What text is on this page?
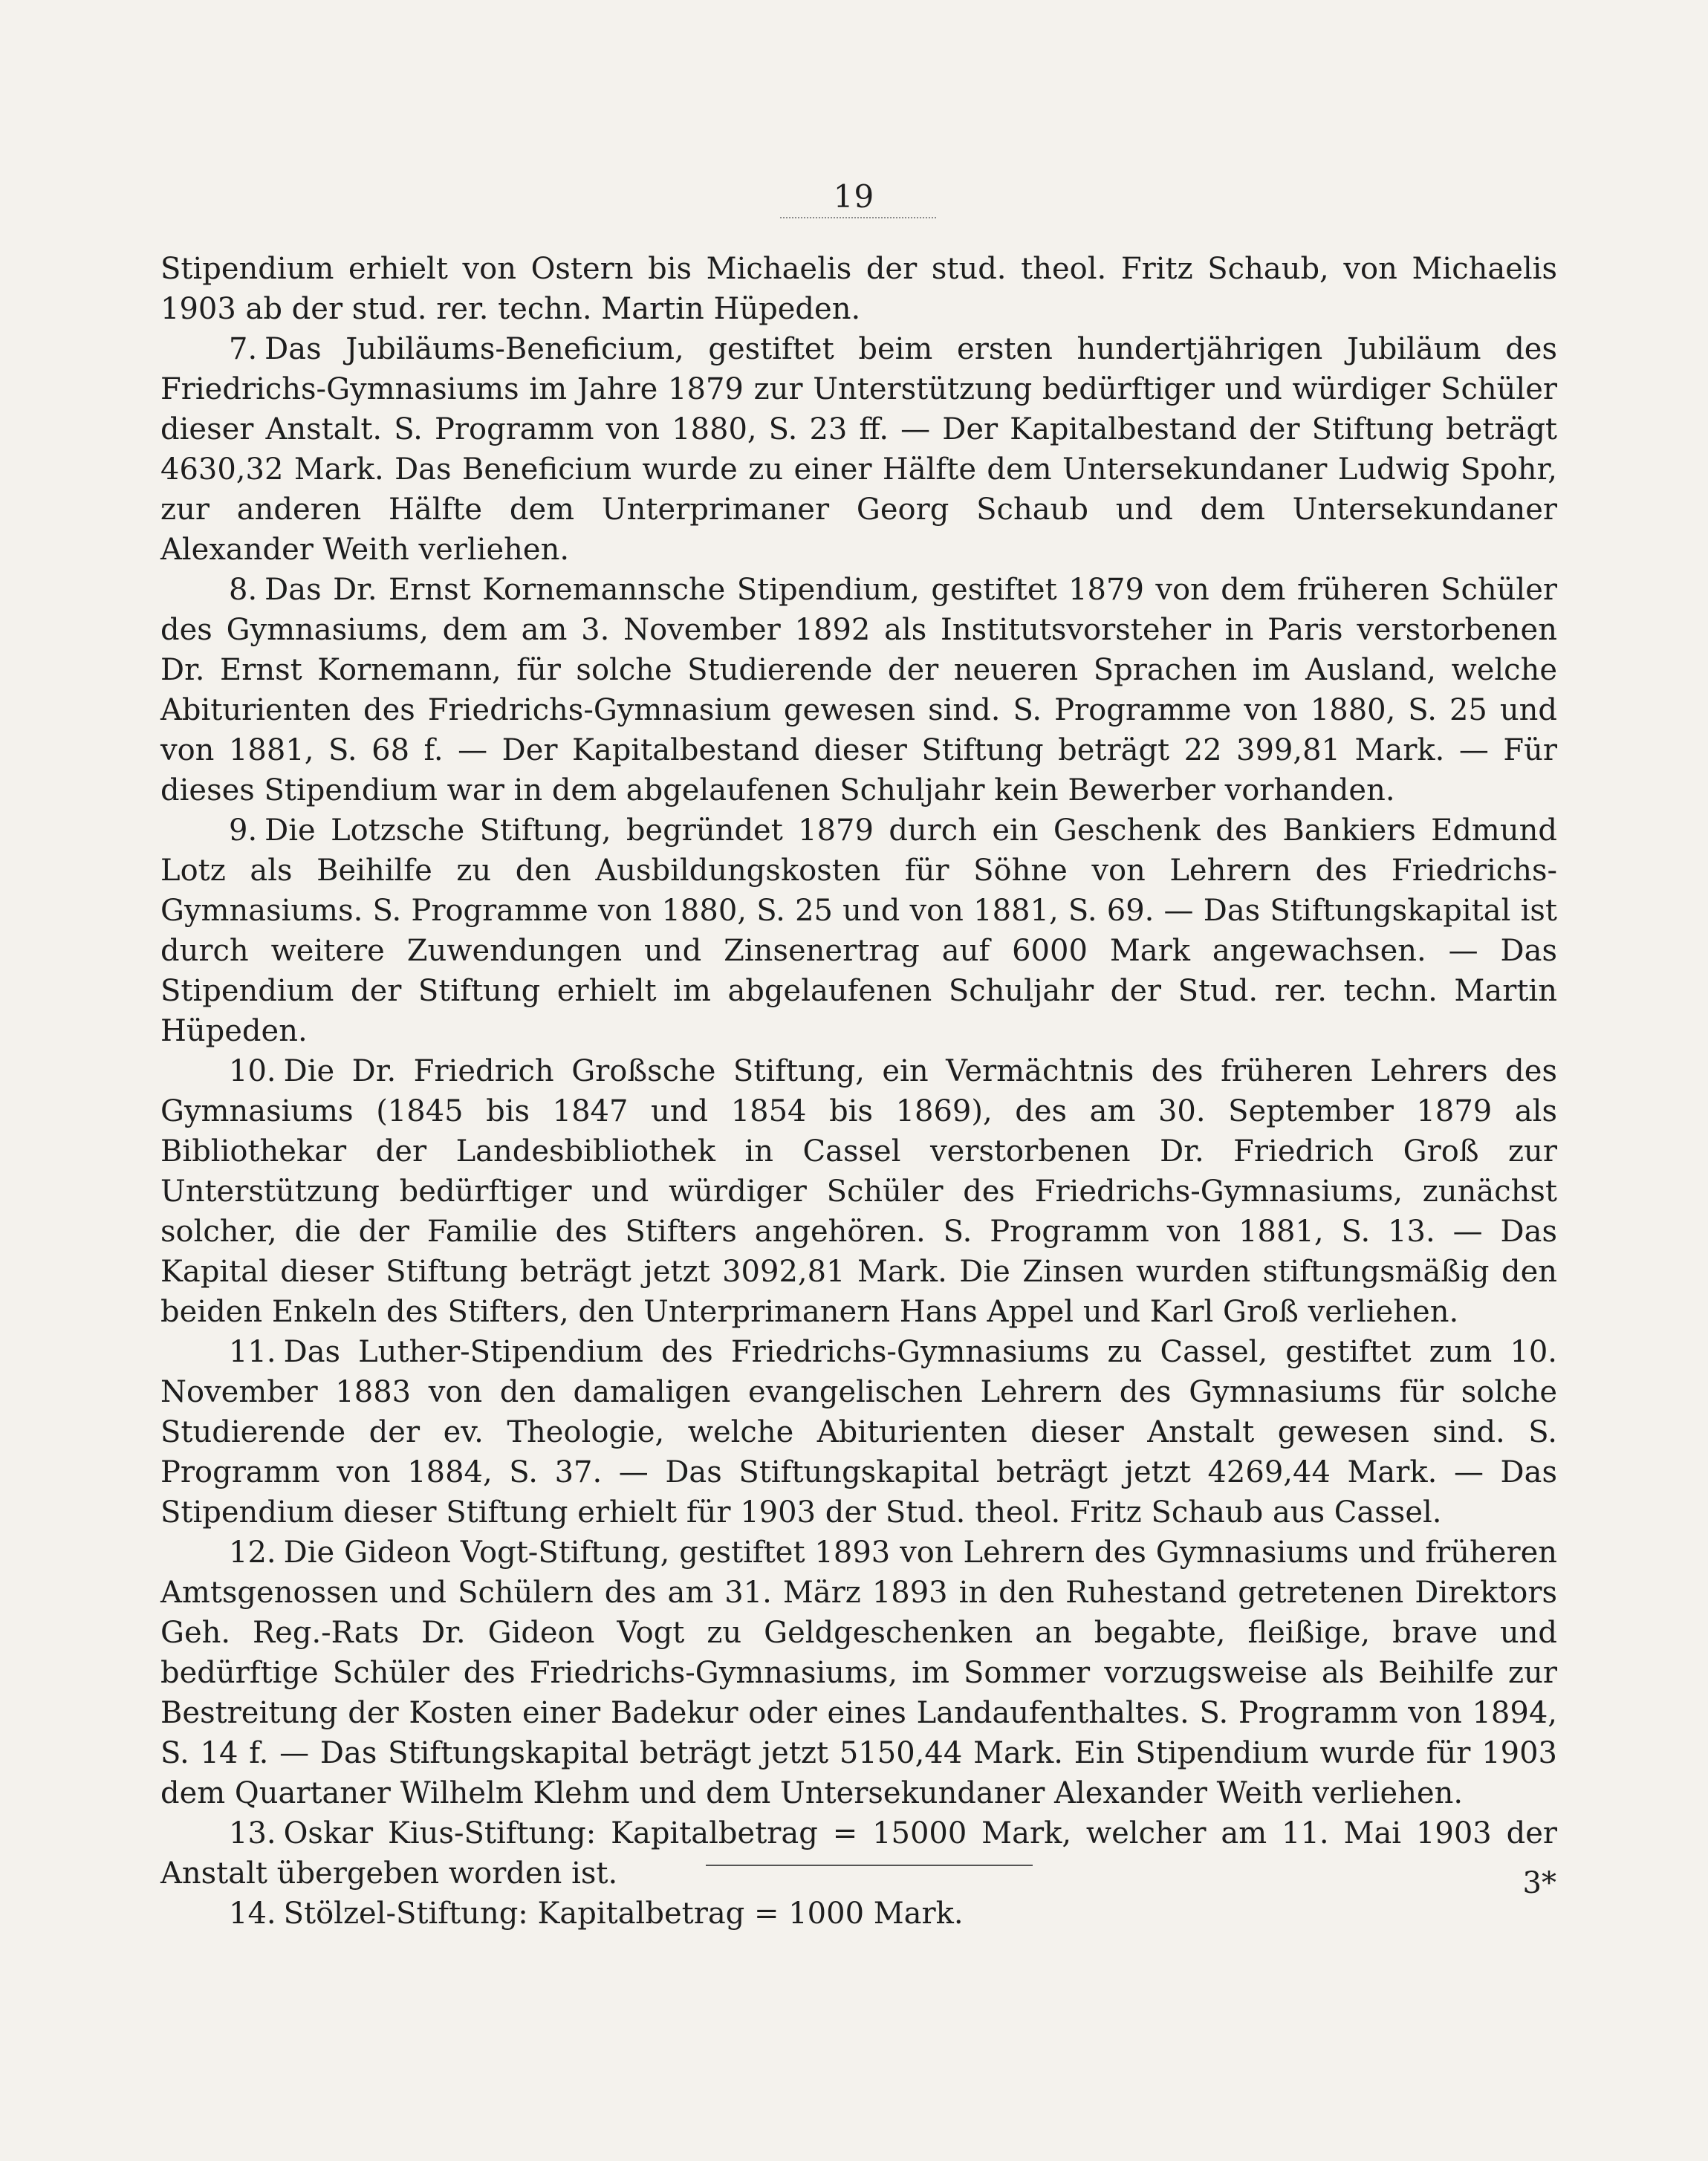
19

Stipendium erhielt von Ostern bis Michaelis der stud. theol. Fritz Schaub, von Michaelis 1903 ab der stud. rer. techn. Martin Hüpeden.

7. Das Jubiläums-Beneficium, gestiftet beim ersten hundertjährigen Jubiläum des Friedrichs-Gymnasiums im Jahre 1879 zur Unterstützung bedürftiger und würdiger Schüler dieser Anstalt. S. Programm von 1880, S. 23 ff. — Der Kapitalbestand der Stiftung beträgt 4630,32 Mark. Das Beneficium wurde zu einer Hälfte dem Untersekundaner Ludwig Spohr, zur anderen Hälfte dem Unterprimaner Georg Schaub und dem Untersekundaner Alexander Weith verliehen.

8. Das Dr. Ernst Kornemannsche Stipendium, gestiftet 1879 von dem früheren Schüler des Gymnasiums, dem am 3. November 1892 als Institutsvorsteher in Paris verstorbenen Dr. Ernst Kornemann, für solche Studierende der neueren Sprachen im Ausland, welche Abiturienten des Friedrichs-Gymnasium gewesen sind. S. Programme von 1880, S. 25 und von 1881, S. 68 f. — Der Kapitalbestand dieser Stiftung beträgt 22 399,81 Mark. — Für dieses Stipendium war in dem abgelaufenen Schuljahr kein Bewerber vorhanden.

9. Die Lotzsche Stiftung, begründet 1879 durch ein Geschenk des Bankiers Edmund Lotz als Beihilfe zu den Ausbildungskosten für Söhne von Lehrern des Friedrichs-Gymnasiums. S. Programme von 1880, S. 25 und von 1881, S. 69. — Das Stiftungskapital ist durch weitere Zuwendungen und Zinsenertrag auf 6000 Mark angewachsen. — Das Stipendium der Stiftung erhielt im abgelaufenen Schuljahr der Stud. rer. techn. Martin Hüpeden.

10. Die Dr. Friedrich Großsche Stiftung, ein Vermächtnis des früheren Lehrers des Gymnasiums (1845 bis 1847 und 1854 bis 1869), des am 30. September 1879 als Bibliothekar der Landesbibliothek in Cassel verstorbenen Dr. Friedrich Groß zur Unterstützung bedürftiger und würdiger Schüler des Friedrichs-Gymnasiums, zunächst solcher, die der Familie des Stifters angehören. S. Programm von 1881, S. 13. — Das Kapital dieser Stiftung beträgt jetzt 3092,81 Mark. Die Zinsen wurden stiftungsmäßig den beiden Enkeln des Stifters, den Unterprimanern Hans Appel und Karl Groß verliehen.

11. Das Luther-Stipendium des Friedrichs-Gymnasiums zu Cassel, gestiftet zum 10. November 1883 von den damaligen evangelischen Lehrern des Gymnasiums für solche Studierende der ev. Theologie, welche Abiturienten dieser Anstalt gewesen sind. S. Programm von 1884, S. 37. — Das Stiftungskapital beträgt jetzt 4269,44 Mark. — Das Stipendium dieser Stiftung erhielt für 1903 der Stud. theol. Fritz Schaub aus Cassel.

12. Die Gideon Vogt-Stiftung, gestiftet 1893 von Lehrern des Gymnasiums und früheren Amtsgenossen und Schülern des am 31. März 1893 in den Ruhestand getretenen Direktors Geh. Reg.-Rats Dr. Gideon Vogt zu Geldgeschenken an begabte, fleißige, brave und bedürftige Schüler des Friedrichs-Gymnasiums, im Sommer vorzugsweise als Beihilfe zur Bestreitung der Kosten einer Badekur oder eines Landaufenthaltes. S. Programm von 1894, S. 14 f. — Das Stiftungskapital beträgt jetzt 5150,44 Mark. Ein Stipendium wurde für 1903 dem Quartaner Wilhelm Klehm und dem Untersekundaner Alexander Weith verliehen.

13. Oskar Kius-Stiftung: Kapitalbetrag = 15000 Mark, welcher am 11. Mai 1903 der Anstalt übergeben worden ist.

14. Stölzel-Stiftung: Kapitalbetrag = 1000 Mark.

3*
